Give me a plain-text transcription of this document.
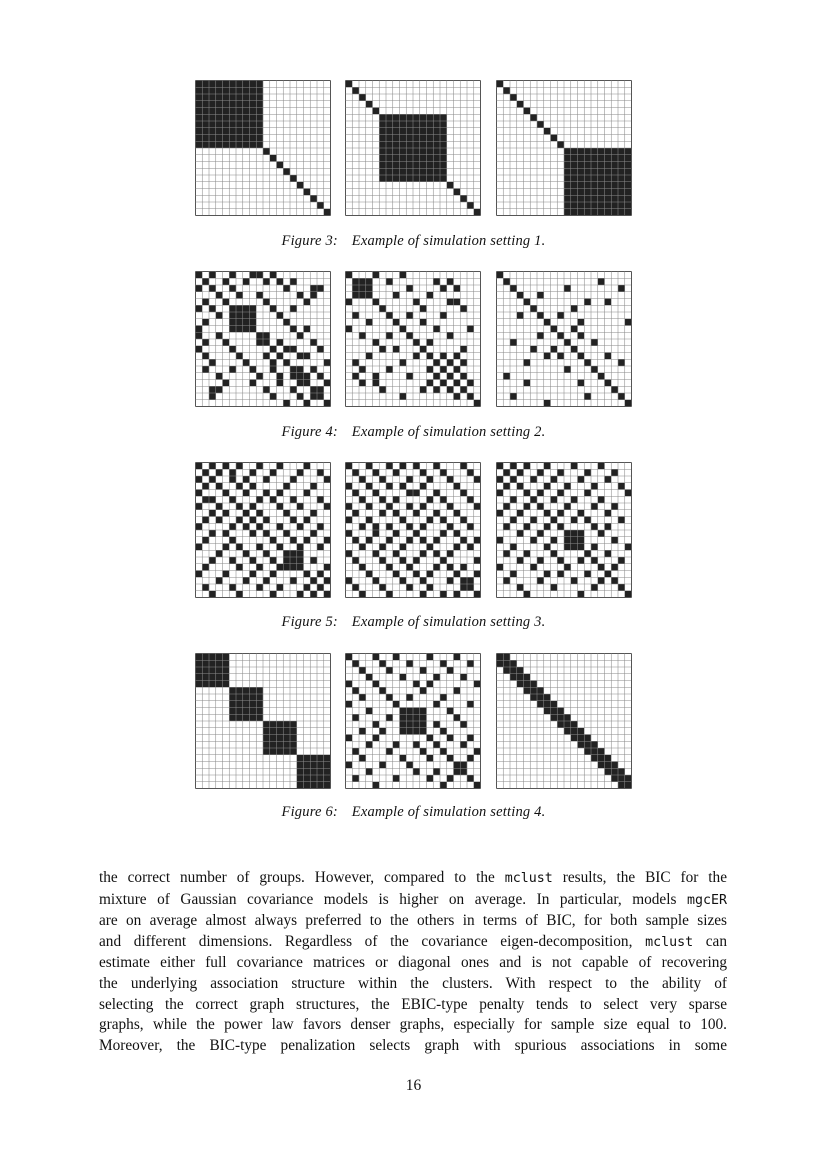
Figure 3: Example of simulation setting 1.
Figure 4: Example of simulation setting 2.
Figure 5: Example of simulation setting 3.
Figure 6: Example of simulation setting 4.

the correct number of groups. However, compared to the mclust results, the BIC for the
mixture of Gaussian covariance models is higher on average. In particular, models mgcER
are on average almost always preferred to the others in terms of BIC, for both sample sizes
and different dimensions. Regardless of the covariance eigen-decomposition, mclust can
estimate either full covariance matrices or diagonal ones and is not capable of recovering
the underlying association structure within the clusters. With respect to the ability of
selecting the correct graph structures, the EBIC-type penalty tends to select very sparse
graphs, while the power law favors denser graphs, especially for sample size equal to 100.
Moreover, the BIC-type penalization selects graph with spurious associations in some

16
